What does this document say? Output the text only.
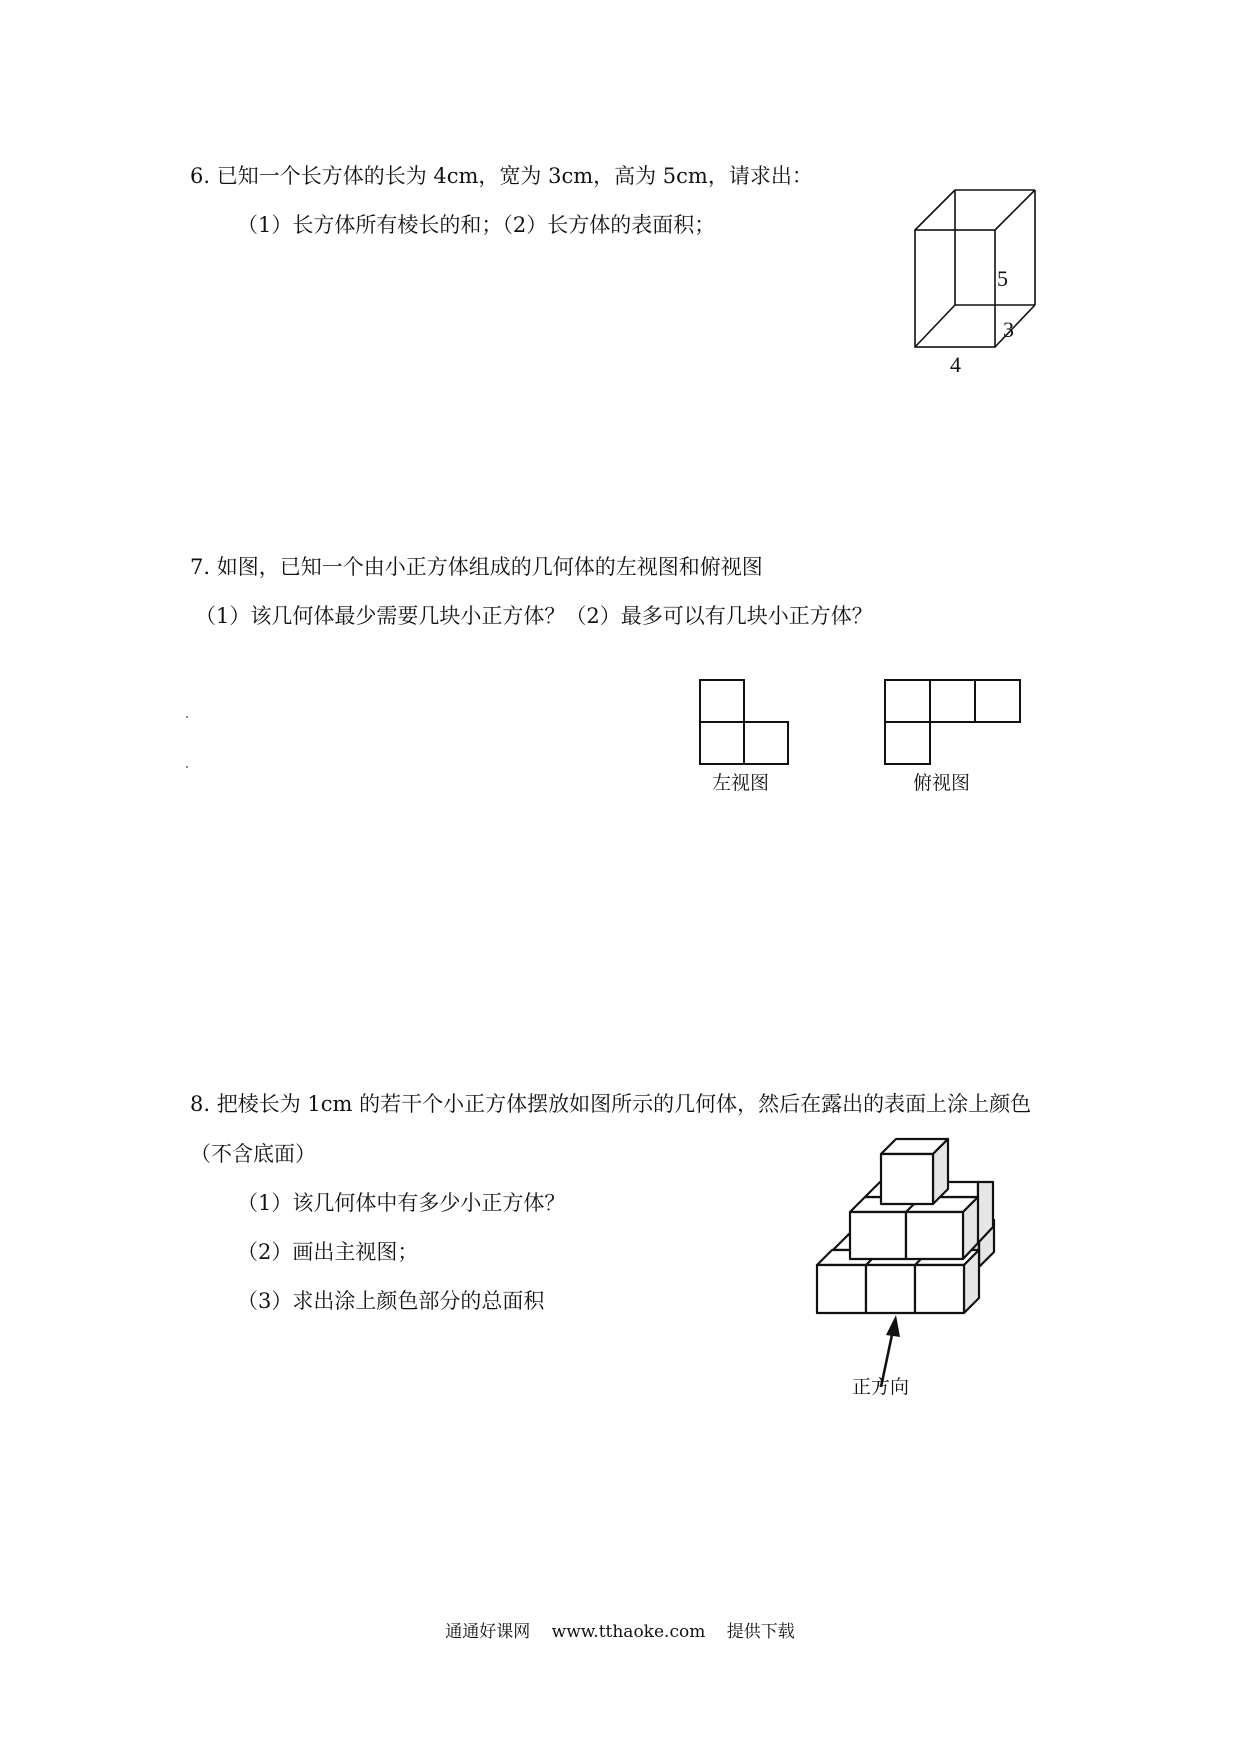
6. 已知一个长方体的长为 4cm，宽为 3cm，高为 5cm，请求出：

（1）长方体所有棱长的和；（2）长方体的表面积；

5
3
4

7. 如图，已知一个由小正方体组成的几何体的左视图和俯视图

（1）该几何体最少需要几块小正方体？（2）最多可以有几块小正方体？

左视图	俯视图

8. 把棱长为 1cm 的若干个小正方体摆放如图所示的几何体，然后在露出的表面上涂上颜色

（不含底面）

（1）该几何体中有多少小正方体？

（2）画出主视图；

（3）求出涂上颜色部分的总面积

正方向

通通好课网 www.tthaoke.com 提供下载
